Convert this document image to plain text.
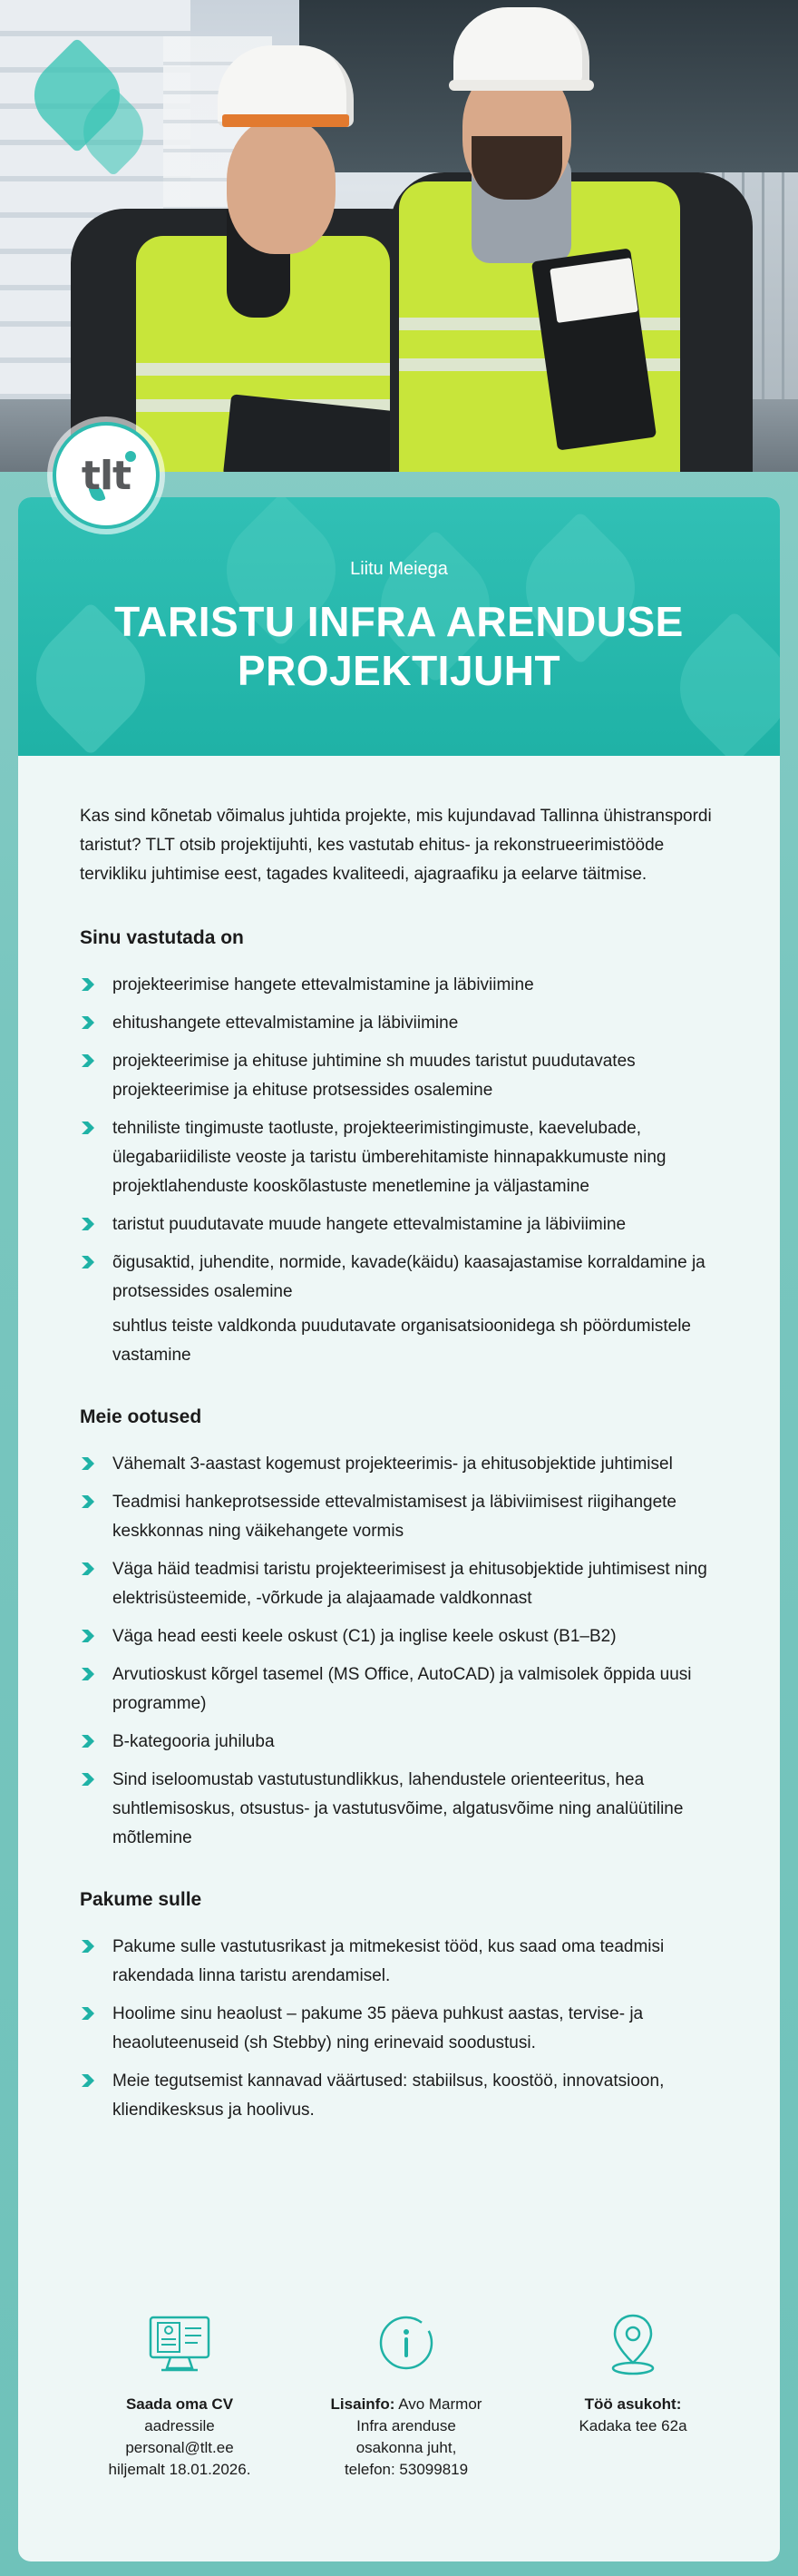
tlt
Liitu Meiega
TARISTU INFRA ARENDUSE
PROJEKTIJUHT

Kas sind kõnetab võimalus juhtida projekte, mis kujundavad Tallinna ühistranspordi taristut? TLT otsib projektijuhti, kes vastutab ehitus- ja rekonstrueerimistööde tervikliku juhtimise eest, tagades kvaliteedi, ajagraafiku ja eelarve täitmise.

Sinu vastutada on
projekteerimise hangete ettevalmistamine ja läbiviimine
ehitushangete ettevalmistamine ja läbiviimine
projekteerimise ja ehituse juhtimine sh muudes taristut puudutavates projekteerimise ja ehituse protsessides osalemine
tehniliste tingimuste taotluste, projekteerimistingimuste, kaevelubade, ülegabariidiliste veoste ja taristu ümberehitamiste hinnapakkumuste ning projektlahenduste kooskõlastuste menetlemine ja väljastamine
taristut puudutavate muude hangete ettevalmistamine ja läbiviimine
õigusaktid, juhendite, normide, kavade(käidu) kaasajastamise korraldamine ja protsessides osalemine
suhtlus teiste valdkonda puudutavate organisatsioonidega sh pöördumistele vastamine
Meie ootused
Vähemalt 3-aastast kogemust projekteerimis- ja ehitusobjektide juhtimisel
Teadmisi hankeprotsesside ettevalmistamisest ja läbiviimisest riigihangete keskkonnas ning väikehangete vormis
Väga häid teadmisi taristu projekteerimisest ja ehitusobjektide juhtimisest ning elektrisüsteemide, -võrkude ja alajaamade valdkonnast
Väga head eesti keele oskust (C1) ja inglise keele oskust (B1–B2)
Arvutioskust kõrgel tasemel (MS Office, AutoCAD) ja valmisolek õppida uusi programme)
B-kategooria juhiluba
Sind iseloomustab vastutustundlikkus, lahendustele orienteeritus, hea suhtlemisoskus, otsustus- ja vastutusvõime, algatusvõime ning analüütiline mõtlemine
Pakume sulle
Pakume sulle vastutusrikast ja mitmekesist tööd, kus saad oma teadmisi rakendada linna taristu arendamisel.
Hoolime sinu heaolust – pakume 35 päeva puhkust aastas, tervise- ja heaoluteenuseid (sh Stebby) ning erinevaid soodustusi.
Meie tegutsemist kannavad väärtused: stabiilsus, koostöö, innovatsioon, kliendikesksus ja hoolivus.
Saada oma CV
aadressile
personal@tlt.ee
hiljemalt 18.01.2026.
Lisainfo: Avo Marmor
Infra arenduse
osakonna juht,
telefon: 53099819
Töö asukoht:
Kadaka tee 62a
